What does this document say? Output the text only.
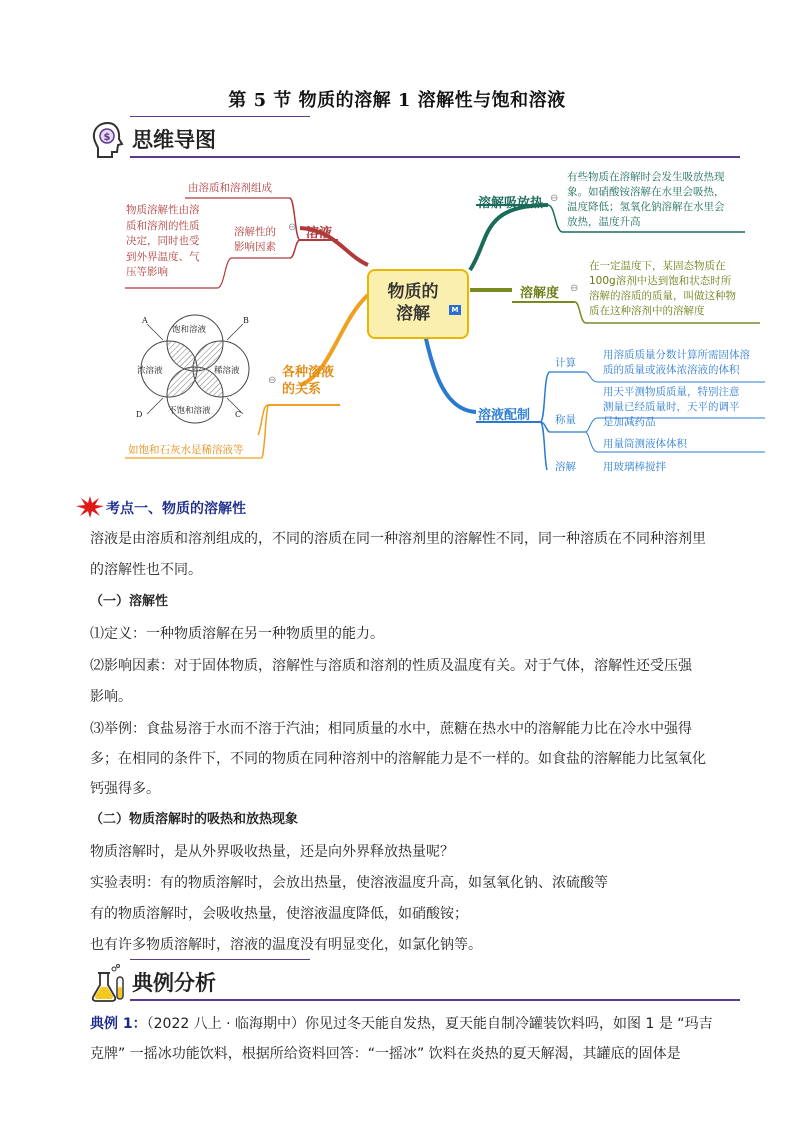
第 5 节 物质的溶解 1 溶解性与饱和溶液
$ 思维导图
物质的
溶解	M
由溶质和溶剂组成
物质溶解性由溶
质和溶剂的性质
决定，同时也受
到外界温度、气
压等影响
溶解性的
影响因素
⊖ 溶液
⊖
各种溶液
的关系
如饱和石灰水是稀溶液等
饱和溶液
不饱和溶液
浓溶液	稀溶液
A	B
C
D
溶解吸放热 ⊖
有些物质在溶解时会发生吸放热现
象。如硝酸铵溶解在水里会吸热，
温度降低；氢氧化钠溶解在水里会
放热，温度升高
溶解度 ⊖
在一定温度下，某固态物质在
100g溶剂中达到饱和状态时所
溶解的溶质的质量，叫做这种物
质在这种溶剂中的溶解度
溶液配制
计算
用溶质质量分数计算所需固体溶
质的质量或液体浓溶液的体积
称量
用天平测物质质量，特别注意
测量已经质量时，天平的调平
是加减药品
用量筒测液体体积
溶解	用玻璃棒搅拌
考点一、物质的溶解性
溶液是由溶质和溶剂组成的，不同的溶质在同一种溶剂里的溶解性不同，同一种溶质在不同种溶剂里
的溶解性也不同。
（一）溶解性
⑴定义：一种物质溶解在另一种物质里的能力。
⑵影响因素：对于固体物质，溶解性与溶质和溶剂的性质及温度有关。对于气体，溶解性还受压强
影响。
⑶举例：食盐易溶于水而不溶于汽油；相同质量的水中，蔗糖在热水中的溶解能力比在冷水中强得
多；在相同的条件下，不同的物质在同种溶剂中的溶解能力是不一样的。如食盐的溶解能力比氢氧化
钙强得多。
（二）物质溶解时的吸热和放热现象
物质溶解时，是从外界吸收热量，还是向外界释放热量呢？
实验表明：有的物质溶解时，会放出热量，使溶液温度升高，如氢氧化钠、浓硫酸等
有的物质溶解时，会吸收热量，使溶液温度降低，如硝酸铵；
也有许多物质溶解时，溶液的温度没有明显变化，如氯化钠等。
典例分析
典例 1：（2022 八上 · 临海期中）你见过冬天能自发热，夏天能自制冷罐装饮料吗，如图 1 是 “玛吉
克牌” 一摇冰功能饮料，根据所给资料回答：“一摇冰” 饮料在炎热的夏天解渴，其罐底的固体是
